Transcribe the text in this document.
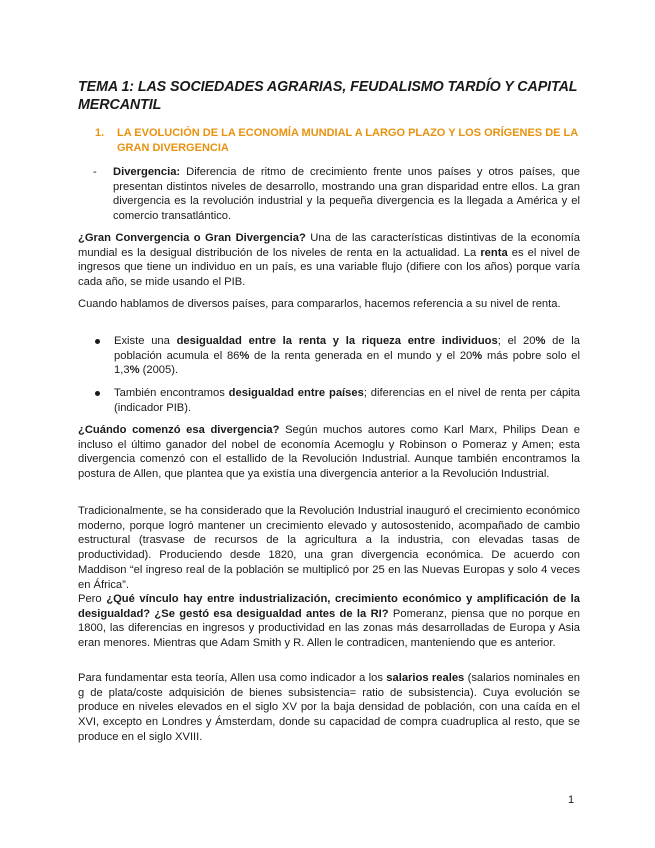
TEMA 1: LAS SOCIEDADES AGRARIAS, FEUDALISMO TARDÍO Y CAPITAL MERCANTIL
1. LA EVOLUCIÓN DE LA ECONOMÍA MUNDIAL A LARGO PLAZO Y LOS ORÍGENES DE LA GRAN DIVERGENCIA
- Divergencia: Diferencia de ritmo de crecimiento frente unos países y otros países, que presentan distintos niveles de desarrollo, mostrando una gran disparidad entre ellos. La gran divergencia es la revolución industrial y la pequeña divergencia es la llegada a América y el comercio transatlántico.
¿Gran Convergencia o Gran Divergencia? Una de las características distintivas de la economía mundial es la desigual distribución de los niveles de renta en la actualidad. La renta es el nivel de ingresos que tiene un individuo en un país, es una variable flujo (difiere con los años) porque varía cada año, se mide usando el PIB.
Cuando hablamos de diversos países, para compararlos, hacemos referencia a su nivel de renta.
Existe una desigualdad entre la renta y la riqueza entre individuos; el 20% de la población acumula el 86% de la renta generada en el mundo y el 20% más pobre solo el 1,3% (2005).
También encontramos desigualdad entre países; diferencias en el nivel de renta per cápita (indicador PIB).
¿Cuándo comenzó esa divergencia? Según muchos autores como Karl Marx, Philips Dean e incluso el último ganador del nobel de economía Acemoglu y Robinson o Pomeraz y Amen; esta divergencia comenzó con el estallido de la Revolución Industrial. Aunque también encontramos la postura de Allen, que plantea que ya existía una divergencia anterior a la Revolución Industrial.
Tradicionalmente, se ha considerado que la Revolución Industrial inauguró el crecimiento económico moderno, porque logró mantener un crecimiento elevado y autosostenido, acompañado de cambio estructural (trasvase de recursos de la agricultura a la industria, con elevadas tasas de productividad). Produciendo desde 1820, una gran divergencia económica. De acuerdo con Maddison “el ingreso real de la población se multiplicó por 25 en las Nuevas Europas y solo 4 veces en África”.
Pero ¿Qué vínculo hay entre industrialización, crecimiento económico y amplificación de la desigualdad? ¿Se gestó esa desigualdad antes de la RI? Pomeranz, piensa que no porque en 1800, las diferencias en ingresos y productividad en las zonas más desarrolladas de Europa y Asia eran menores. Mientras que Adam Smith y R. Allen le contradicen, manteniendo que es anterior.
Para fundamentar esta teoría, Allen usa como indicador a los salarios reales (salarios nominales en g de plata/coste adquisición de bienes subsistencia= ratio de subsistencia). Cuya evolución se produce en niveles elevados en el siglo XV por la baja densidad de población, con una caída en el XVI, excepto en Londres y Ámsterdam, donde su capacidad de compra cuadruplica al resto, que se produce en el siglo XVIII.
1
